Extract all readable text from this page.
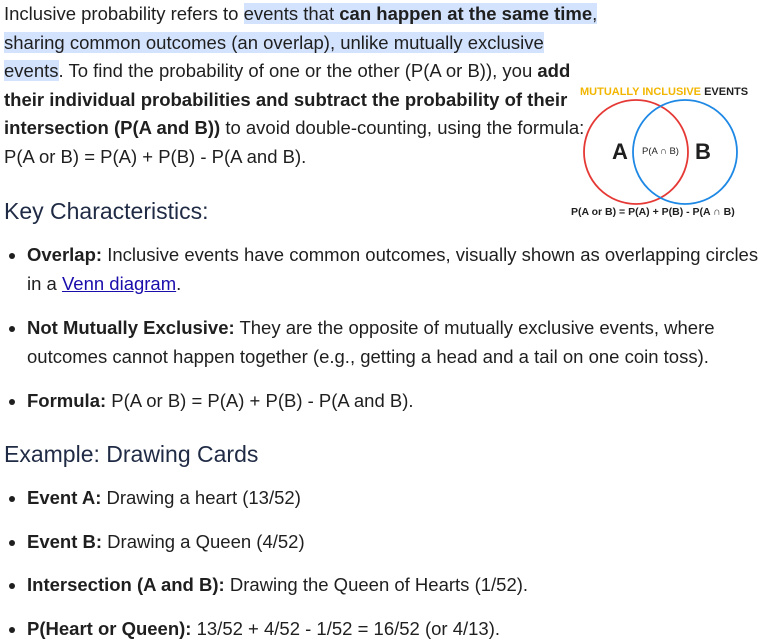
Inclusive probability refers to events that can happen at the same time, sharing common outcomes (an overlap), unlike mutually exclusive events. To find the probability of one or the other (P(A or B)), you add their individual probabilities and subtract the probability of their intersection (P(A and B)) to avoid double-counting, using the formula: P(A or B) = P(A) + P(B) - P(A and B).

MUTUALLY INCLUSIVE EVENTS
A P(A ∩ B) B
P(A or B) = P(A) + P(B) - P(A ∩ B)
Key Characteristics:
Overlap: Inclusive events have common outcomes, visually shown as overlapping circles in a Venn diagram.
Not Mutually Exclusive: They are the opposite of mutually exclusive events, where outcomes cannot happen together (e.g., getting a head and a tail on one coin toss).
Formula: P(A or B) = P(A) + P(B) - P(A and B).
Example: Drawing Cards
Event A: Drawing a heart (13/52)
Event B: Drawing a Queen (4/52)
Intersection (A and B): Drawing the Queen of Hearts (1/52).
P(Heart or Queen): 13/52 + 4/52 - 1/52 = 16/52 (or 4/13).
